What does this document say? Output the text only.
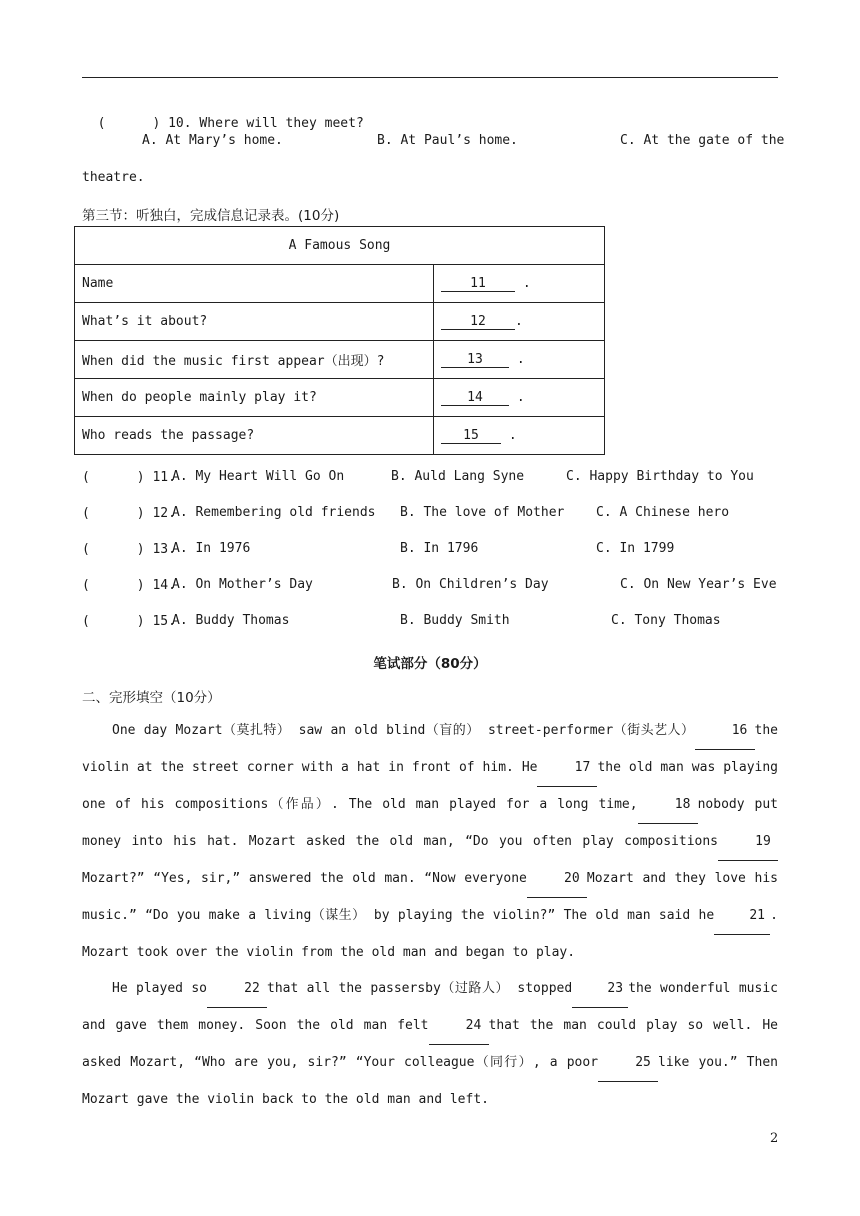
(      ) 10. Where will they meet?

A. At Mary’s home.	B. At Paul’s home.	C. At the gate of the
theatre.
第三节：听独白，完成信息记录表。(10分)
A Famous Song	
Name	11 .
What’s it about?	12 .
When did the music first appear（出现）?	13 .
When do people mainly play it?	14 .
Who reads the passage?	15 .
(      ) 11.
A. My Heart Will Go On	B. Auld Lang Syne	C. Happy Birthday to You
(      ) 12.
A. Remembering old friends B. The love of Mother C. A Chinese hero
(      ) 13.
A. In 1976	B. In 1796	C. In 1799
(      ) 14.
A. On Mother’s Day	B. On Children’s Day	C. On New Year’s Eve
(      ) 15.
A. Buddy Thomas	B. Buddy Smith	C. Tony Thomas
笔试部分（80分）
二、完形填空（10分）

One day Mozart（莫扎特） saw an old blind（盲的） street-performer（街头艺人）	16 the violin at the street corner with a hat in front of him. He	17 the old man was playing one of his compositions（作品）. The old man played for a long time,	18 nobody put money into his hat. Mozart asked the old man, “Do you often play compositions	19Mozart?” “Yes, sir,” answered the old man. “Now everyone	20 Mozart and they love his music.” “Do you make a living（谋生） by playing the violin?” The old man said he	21 . Mozart took over the violin from the old man and began to play.

He played so	22 that all the passersby（过路人） stopped	23 the wonderful music and gave them money. Soon the old man felt	24 that the man could play so well. He asked Mozart, “Who are you, sir?” “Your colleague（同行）, a poor	25 like you.” Then Mozart gave the violin back to the old man and left.

2
